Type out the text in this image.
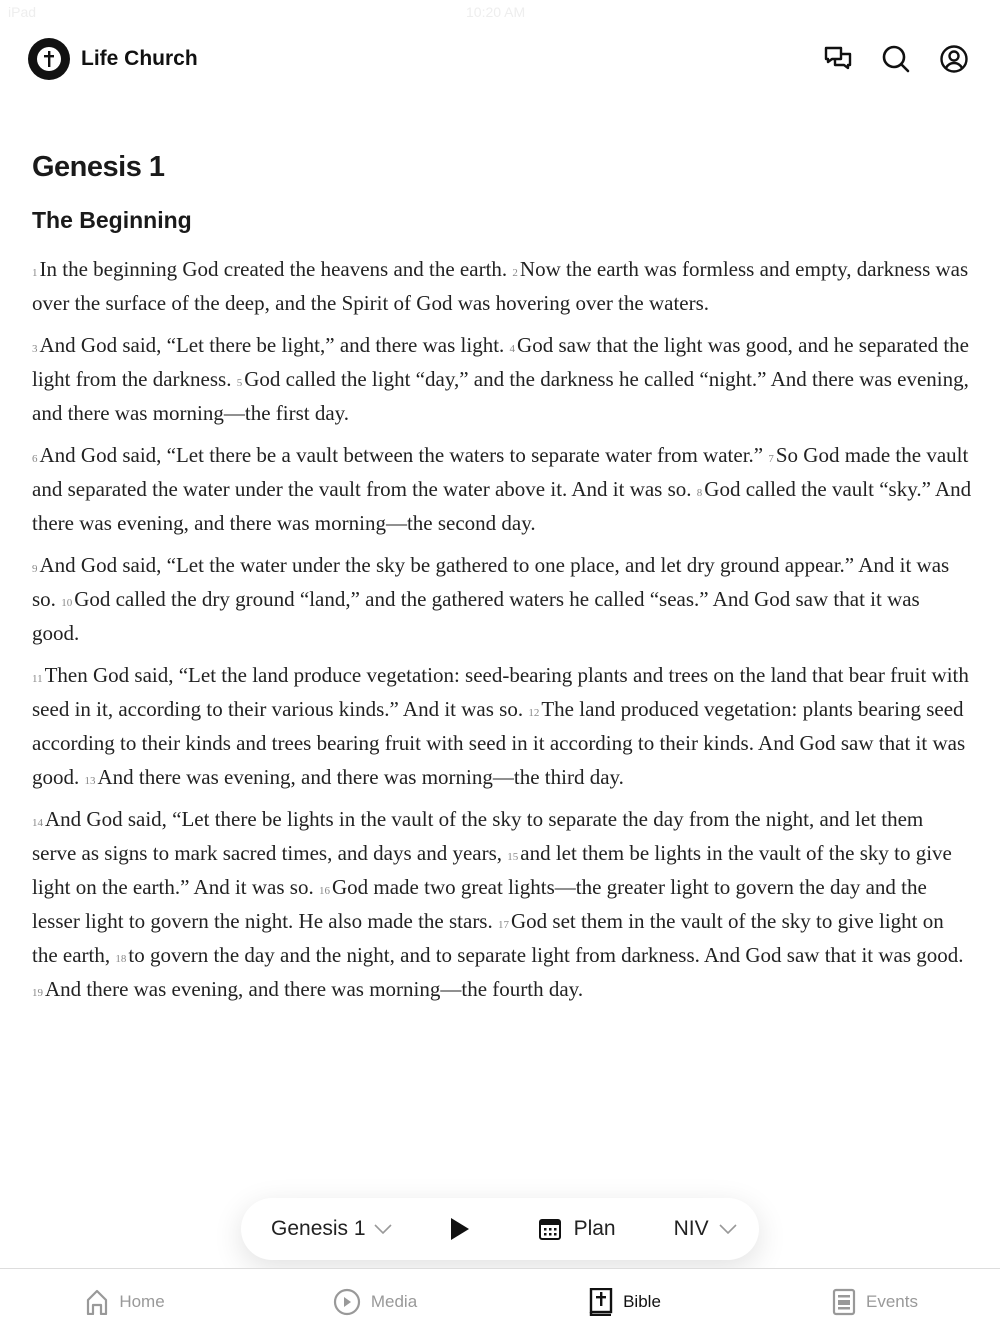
iPad	10:20 AM
Life Church
Genesis 1
The Beginning

1In the beginning God created the heavens and the earth. 2Now the earth was formless and empty, darkness was over the surface of the deep, and the Spirit of God was hovering over the waters.

3And God said, “Let there be light,” and there was light. 4God saw that the light was good, and he separated the light from the darkness. 5God called the light “day,” and the darkness he called “night.” And there was evening, and there was morning—the first day.

6And God said, “Let there be a vault between the waters to separate water from water.” 7So God made the vault and separated the water under the vault from the water above it. And it was so. 8God called the vault “sky.” And there was evening, and there was morning—the second day.

9And God said, “Let the water under the sky be gathered to one place, and let dry ground appear.” And it was so. 10God called the dry ground “land,” and the gathered waters he called “seas.” And God saw that it was good.

11Then God said, “Let the land produce vegetation: seed-bearing plants and trees on the land that bear fruit with seed in it, according to their various kinds.” And it was so. 12The land produced vegetation: plants bearing seed according to their kinds and trees bearing fruit with seed in it according to their kinds. And God saw that it was good. 13And there was evening, and there was morning—the third day.

14And God said, “Let there be lights in the vault of the sky to separate the day from the night, and let them serve as signs to mark sacred times, and days and years, 15and let them be lights in the vault of the sky to give light on the earth.” And it was so. 16God made two great lights—the greater light to govern the day and the lesser light to govern the night. He also made the stars. 17God set them in the vault of the sky to give light on the earth, 18to govern the day and the night, and to separate light from darkness. And God saw that it was good. 19And there was evening, and there was morning—the fourth day.

Genesis 1	Plan	NIV
Home	Media	Bible	Events
